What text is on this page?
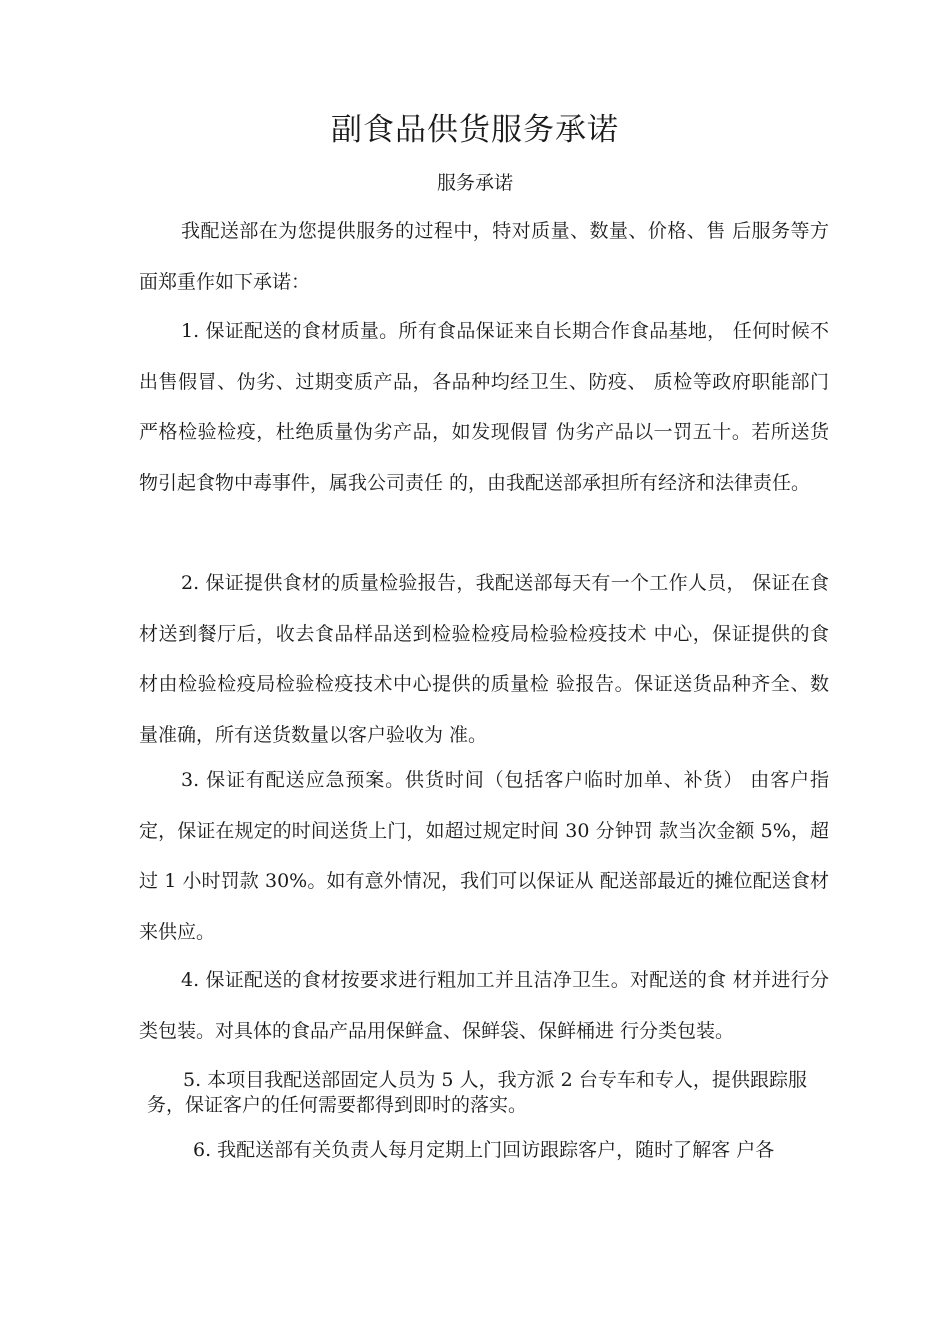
副食品供货服务承诺
服务承诺

我配送部在为您提供服务的过程中，特对质量、数量、价格、售 后服务等方面郑重作如下承诺：

1. 保证配送的食材质量。所有食品保证来自长期合作食品基地， 任何时候不出售假冒、伪劣、过期变质产品，各品种均经卫生、防疫、 质检等政府职能部门严格检验检疫，杜绝质量伪劣产品，如发现假冒 伪劣产品以一罚五十。若所送货物引起食物中毒事件，属我公司责任 的，由我配送部承担所有经济和法律责任。

2. 保证提供食材的质量检验报告，我配送部每天有一个工作人员， 保证在食材送到餐厅后，收去食品样品送到检验检疫局检验检疫技术 中心，保证提供的食材由检验检疫局检验检疫技术中心提供的质量检 验报告。保证送货品种齐全、数量准确，所有送货数量以客户验收为 准。

3. 保证有配送应急预案。供货时间（包括客户临时加单、补货） 由客户指定，保证在规定的时间送货上门，如超过规定时间 30 分钟罚 款当次金额 5%，超过 1 小时罚款 30%。如有意外情况，我们可以保证从 配送部最近的摊位配送食材来供应。

4. 保证配送的食材按要求进行粗加工并且洁净卫生。对配送的食 材并进行分类包装。对具体的食品产品用保鲜盒、保鲜袋、保鲜桶进 行分类包装。

5. 本项目我配送部固定人员为 5 人，我方派 2 台专车和专人，提供跟踪服务，保证客户的任何需要都得到即时的落实。

6. 我配送部有关负责人每月定期上门回访跟踪客户，随时了解客 户各
